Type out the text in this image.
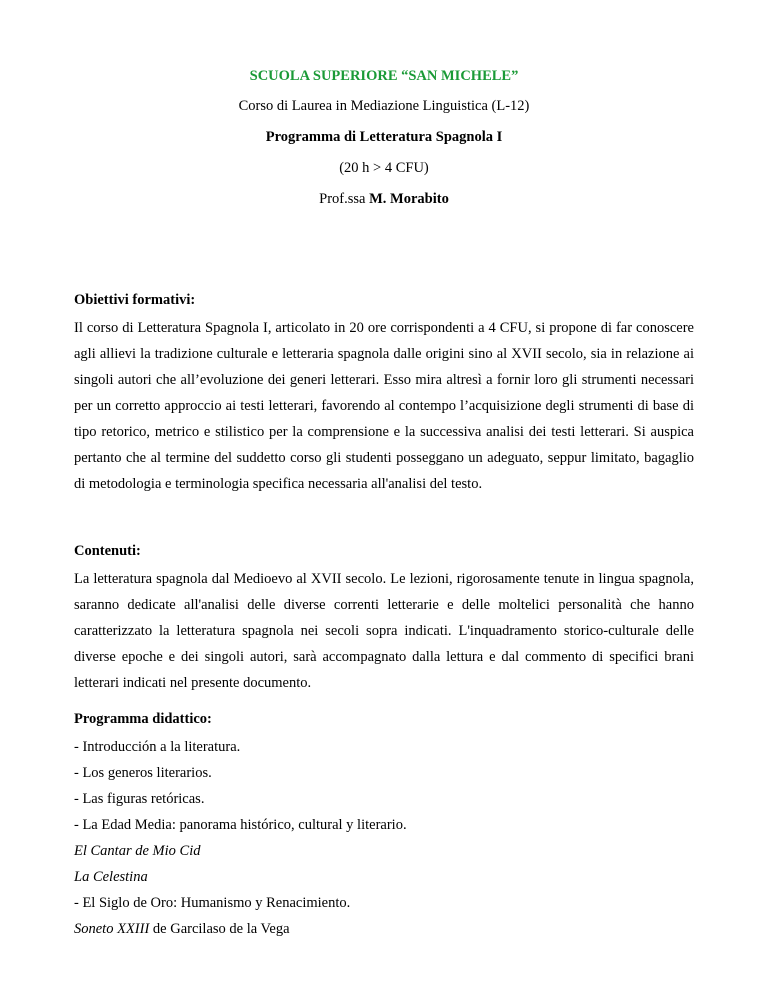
SCUOLA SUPERIORE “SAN MICHELE”
Corso di Laurea in Mediazione Linguistica (L-12)
Programma di Letteratura Spagnola I
(20 h > 4 CFU)
Prof.ssa M. Morabito
Obiettivi formativi:

Il corso di Letteratura Spagnola I, articolato in 20 ore corrispondenti a 4 CFU, si propone di far conoscere agli allievi la tradizione culturale e letteraria spagnola dalle origini sino al XVII secolo, sia in relazione ai singoli autori che all’evoluzione dei generi letterari. Esso mira altresì a fornir loro gli strumenti necessari per un corretto approccio ai testi letterari, favorendo al contempo l’acquisizione degli strumenti di base di tipo retorico, metrico e stilistico per la comprensione e la successiva analisi dei testi letterari. Si auspica pertanto che al termine del suddetto corso gli studenti posseggano un adeguato, seppur limitato, bagaglio di metodologia e terminologia specifica necessaria all'analisi del testo.

Contenuti:

La letteratura spagnola dal Medioevo al XVII secolo. Le lezioni, rigorosamente tenute in lingua spagnola, saranno dedicate all'analisi delle diverse correnti letterarie e delle moltelici personalità che hanno caratterizzato la letteratura spagnola nei secoli sopra indicati. L'inquadramento storico-culturale delle diverse epoche e dei singoli autori, sarà accompagnato dalla lettura e dal commento di specifici brani letterari indicati nel presente documento.

Programma didattico:
- Introducción a la literatura.
- Los generos literarios.
- Las figuras retóricas.
- La Edad Media: panorama histórico, cultural y literario.
El Cantar de Mio Cid
La Celestina
- El Siglo de Oro: Humanismo y Renacimiento.
Soneto XXIII de Garcilaso de la Vega
